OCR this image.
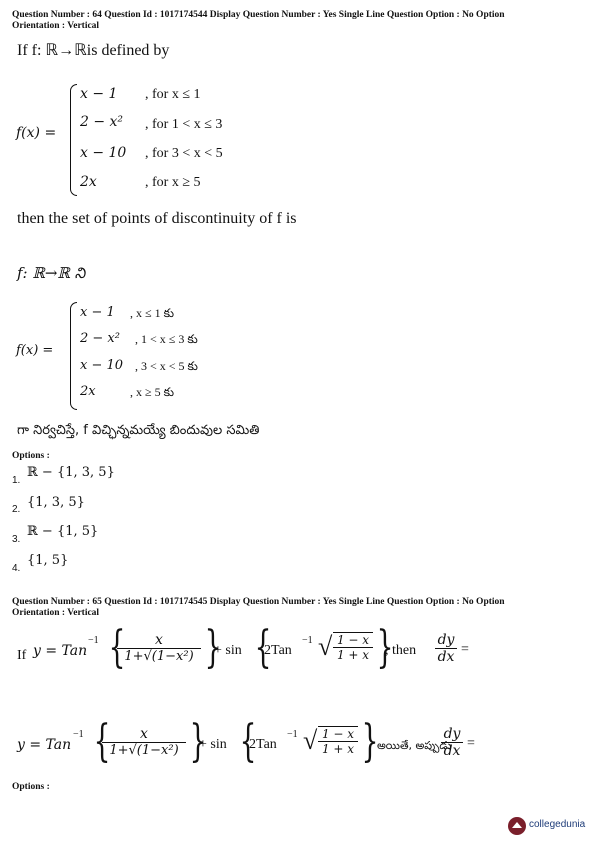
Question Number : 64 Question Id : 1017174544 Display Question Number : Yes Single Line Question Option : No Option
Orientation : Vertical
If f: ℝ→ℝis defined by
f(x) =
x − 1
2 − x²
x − 10
2x
, for x ≤ 1
, for 1 < x ≤ 3
, for 3 < x < 5
, for x ≥ 5
then the set of points of discontinuity of f is
f: ℝ→ℝ ని
f(x) =
x − 1
2 − x²
x − 10
2x
, x ≤ 1 కు
, 1 < x ≤ 3 కు
, 3 < x < 5 కు
, x ≥ 5 కు
గా నిర్వచిస్తే, f విచ్ఛిన్నమయ్యే బిందువుల సమితి
Options :
1.
ℝ − {1, 3, 5}
2. {1, 3, 5}
3.
ℝ − {1, 5}
4.
{1, 5}
Question Number : 65 Question Id : 1017174545 Display Question Number : Yes Single Line Question Option : No Option
Orientation : Vertical
If y = Tan
−1 {
$\frac{x}{\text{1+√(1−x²)}}$ }
+ sin {
2Tan
−1 √ $\frac{1 - x}{1 + x}$ }
, then
dy
dx =
y = Tan
−1 {
$\frac{x}{\text{1+√(1−x²)}}$ }
+ sin {
2Tan
−1 √ $\frac{1 - x}{1 + x}$ }
అయితే, అప్పుడు
dy
dx =
Options :
collegedunia
